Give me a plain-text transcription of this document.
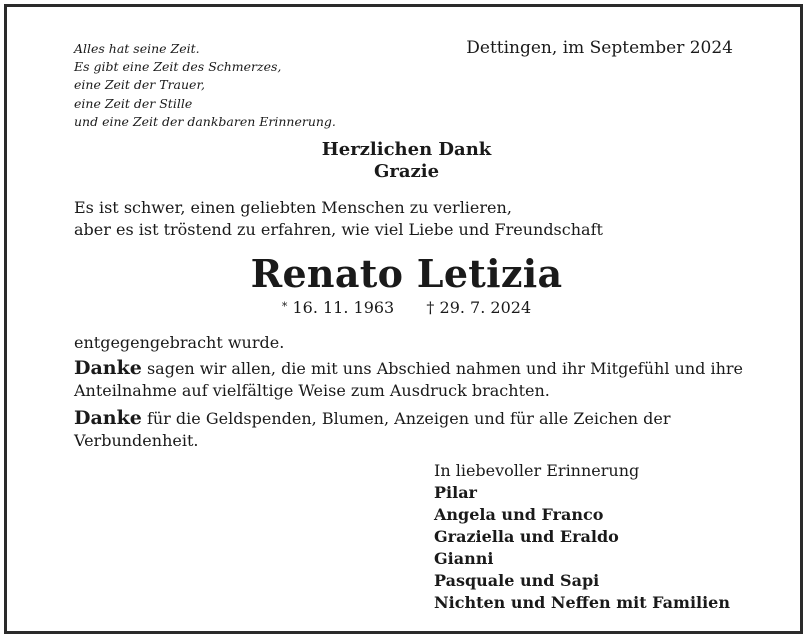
Alles hat seine Zeit.
Es gibt eine Zeit des Schmerzes,
eine Zeit der Trauer,
eine Zeit der Stille
und eine Zeit der dankbaren Erinnerung.
Dettingen, im September 2024
Herzlichen Dank
Grazie
Es ist schwer, einen geliebten Menschen zu verlieren,
aber es ist tröstend zu erfahren, wie viel Liebe und Freundschaft
Renato Letizia
* 16. 11. 1963 † 29. 7. 2024
entgegengebracht wurde.
Danke sagen wir allen, die mit uns Abschied nahmen und ihr Mitgefühl und ihre Anteilnahme auf vielfältige Weise zum Ausdruck brachten.
Danke für die Geldspenden, Blumen, Anzeigen und für alle Zeichen der Verbundenheit.
In liebevoller Erinnerung
Pilar
Angela und Franco
Graziella und Eraldo
Gianni
Pasquale und Sapi
Nichten und Neffen mit Familien
